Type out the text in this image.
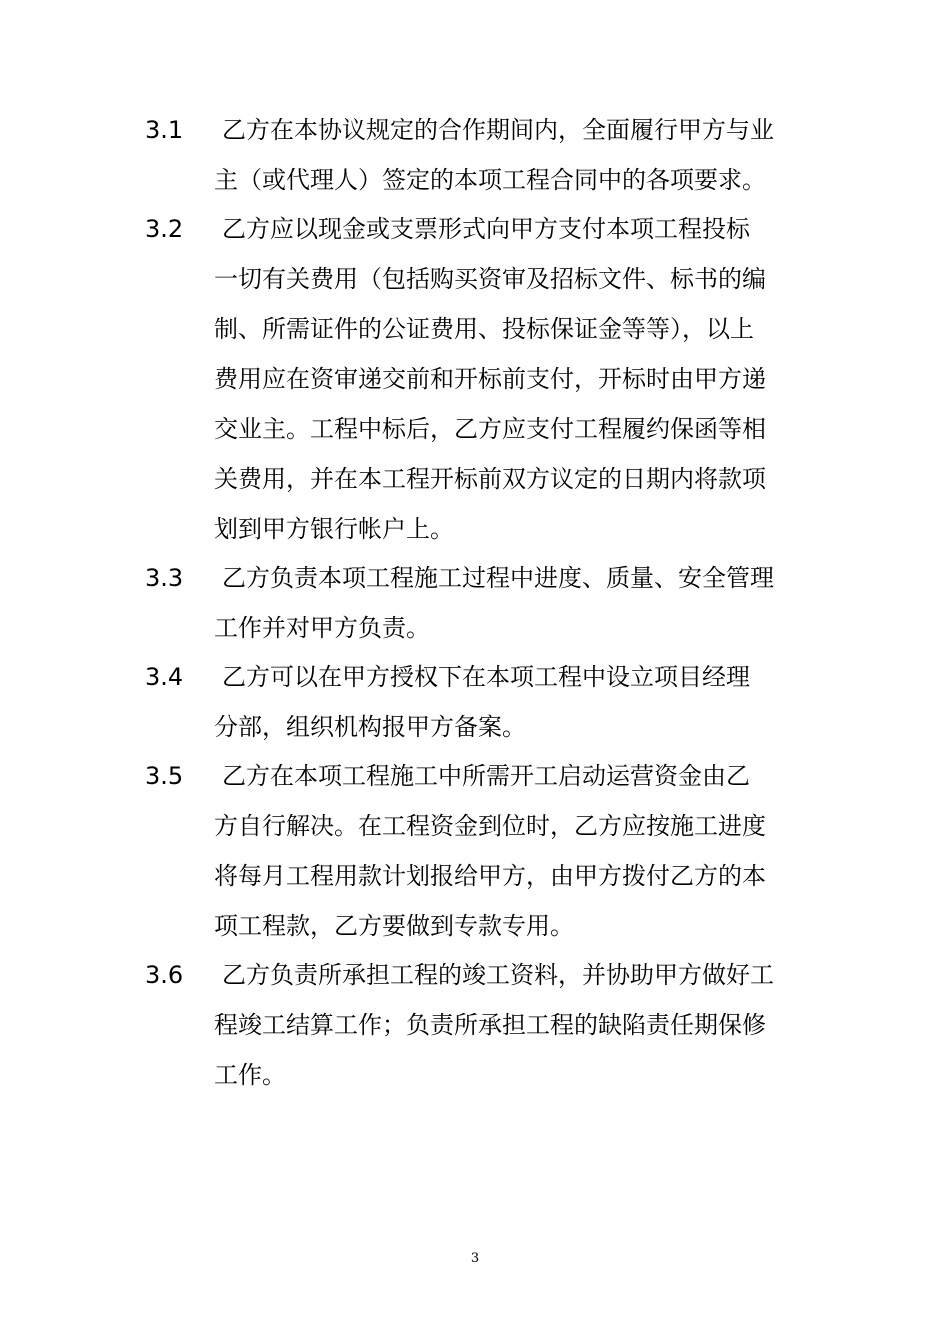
3.1	乙方在本协议规定的合作期间内，全面履行甲方与业
主（或代理人）签定的本项工程合同中的各项要求。
3.2	乙方应以现金或支票形式向甲方支付本项工程投标
一切有关费用（包括购买资审及招标文件、标书的编
制、所需证件的公证费用、投标保证金等等），以上
费用应在资审递交前和开标前支付，开标时由甲方递
交业主。工程中标后，乙方应支付工程履约保函等相
关费用，并在本工程开标前双方议定的日期内将款项
划到甲方银行帐户上。
3.3	乙方负责本项工程施工过程中进度、质量、安全管理
工作并对甲方负责。
3.4	乙方可以在甲方授权下在本项工程中设立项目经理
分部，组织机构报甲方备案。
3.5	乙方在本项工程施工中所需开工启动运营资金由乙
方自行解决。在工程资金到位时，乙方应按施工进度
将每月工程用款计划报给甲方，由甲方拨付乙方的本
项工程款，乙方要做到专款专用。
3.6	乙方负责所承担工程的竣工资料，并协助甲方做好工
程竣工结算工作；负责所承担工程的缺陷责任期保修
工作。
3
